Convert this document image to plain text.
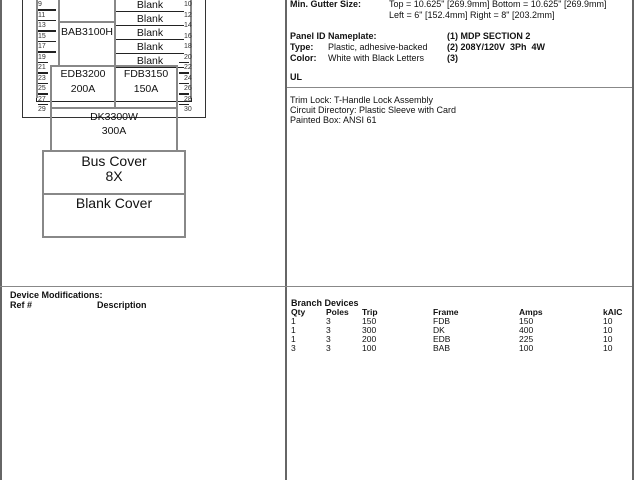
9
11
13
15
17
19
21
23
25
27
29
10
12
14
16
18
20
22
24
26
28
30
BAB3100H
Blank
Blank
Blank
Blank
Blank
EDB3200
200A
FDB3150
150A
DK3300W
300A
Bus Cover
8X
Blank Cover
Min. Gutter Size:	Top = 10.625" [269.9mm] Bottom = 10.625" [269.9mm]
Left = 6" [152.4mm] Right = 8" [203.2mm]
Panel ID Nameplate:
Type: Plastic, adhesive-backed
Color: White with Black Letters
(1) MDP SECTION 2
(2) 208Y/120V  3Ph  4W
(3)
UL
Trim Lock: T-Handle Lock Assembly
Circuit Directory: Plastic Sleeve with Card
Painted Box: ANSI 61
Device Modifications:
Ref #	Description	Branch Devices
Qty	Poles	Trip	Frame	Amps	kAIC
1	3	150	FDB	150	10
1	3	300	DK	400	10
1	3	200	EDB	225	10
3	3	100	BAB	100	10
